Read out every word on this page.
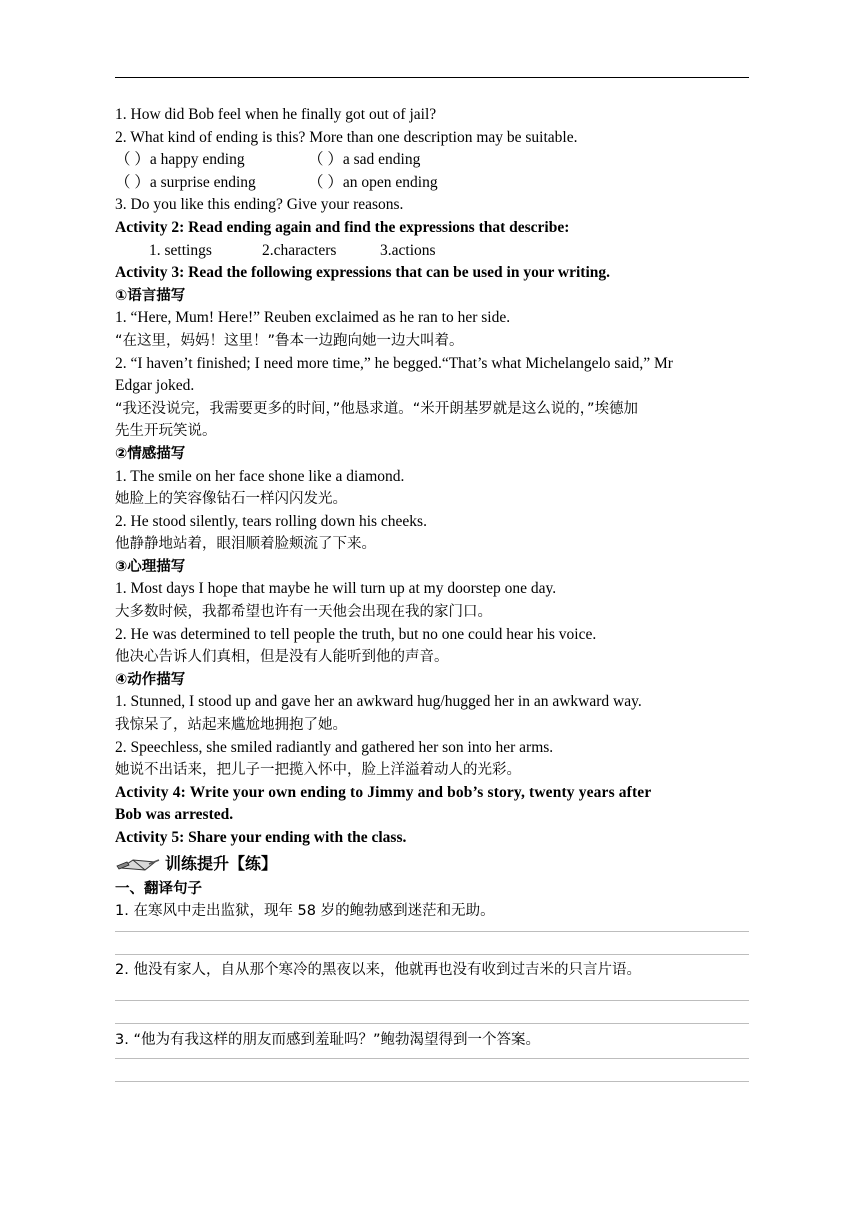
1. How did Bob feel when he finally got out of jail?
2. What kind of ending is this? More than one description may be suitable.
（ ）a happy ending	（ ）a sad ending
（ ）a surprise ending	（ ）an open ending
3. Do you like this ending? Give your reasons.
Activity 2: Read ending again and find the expressions that describe:
1. settings	2.characters	3.actions
Activity 3: Read the following expressions that can be used in your writing.
①语言描写
1. “Here, Mum! Here!” Reuben exclaimed as he ran to her side.
“在这里，妈妈！这里！”鲁本一边跑向她一边大叫着。
2. “I haven’t finished; I need more time,” he begged.“That’s what Michelangelo said,” Mr
Edgar joked.
“我还没说完，我需要更多的时间，”他恳求道。“米开朗基罗就是这么说的，”埃德加
先生开玩笑说。
②情感描写
1. The smile on her face shone like a diamond.
她脸上的笑容像钻石一样闪闪发光。
2. He stood silently, tears rolling down his cheeks.
他静静地站着，眼泪顺着脸颊流了下来。
③心理描写
1. Most days I hope that maybe he will turn up at my doorstep one day.
大多数时候，我都希望也许有一天他会出现在我的家门口。
2. He was determined to tell people the truth, but no one could hear his voice.
他决心告诉人们真相，但是没有人能听到他的声音。
④动作描写
1. Stunned, I stood up and gave her an awkward hug/hugged her in an awkward way.
我惊呆了，站起来尴尬地拥抱了她。
2. Speechless, she smiled radiantly and gathered her son into her arms.
她说不出话来，把儿子一把揽入怀中，脸上洋溢着动人的光彩。
Activity 4: Write your own ending to Jimmy and bob’s story, twenty years after
Bob was arrested.
Activity 5: Share your ending with the class.
训练提升【练】
一、翻译句子
1. 在寒风中走出监狱，现年 58 岁的鲍勃感到迷茫和无助。
2. 他没有家人，自从那个寒冷的黑夜以来，他就再也没有收到过吉米的只言片语。
3. “他为有我这样的朋友而感到羞耻吗？”鲍勃渴望得到一个答案。
